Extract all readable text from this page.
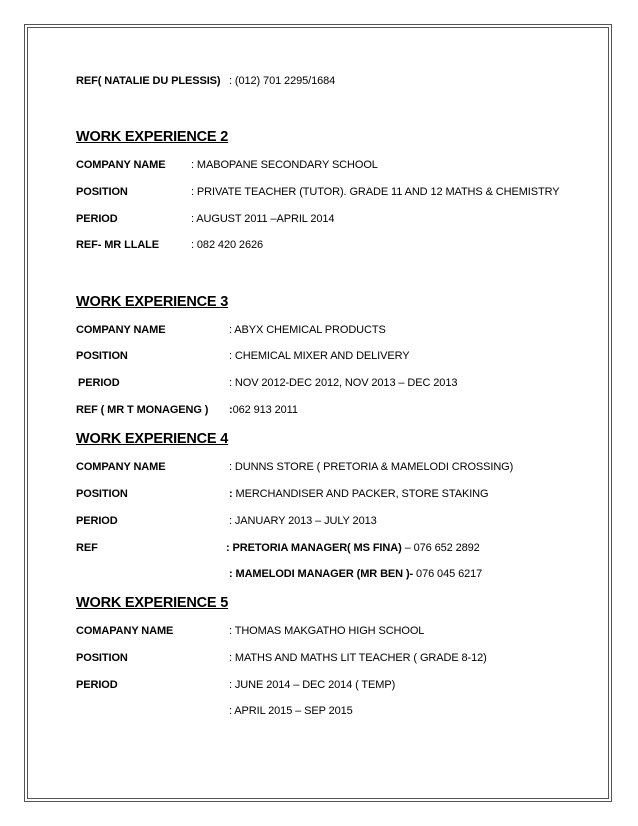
REF( NATALIE DU PLESSIS) : (012) 701 2295/1684
WORK EXPERIENCE 2
COMPANY NAME : MABOPANE SECONDARY SCHOOL
POSITION	: PRIVATE TEACHER (TUTOR). GRADE 11 AND 12 MATHS & CHEMISTRY
PERIOD	: AUGUST 2011 –APRIL 2014
REF- MR LLALE	: 082 420 2626
WORK EXPERIENCE 3
COMPANY NAME	: ABYX CHEMICAL PRODUCTS
POSITION	: CHEMICAL MIXER AND DELIVERY
PERIOD	: NOV 2012-DEC 2012, NOV 2013 – DEC 2013
REF ( MR T MONAGENG ) :062 913 2011
WORK EXPERIENCE 4
COMPANY NAME	: DUNNS STORE ( PRETORIA & MAMELODI CROSSING)
POSITION	: MERCHANDISER AND PACKER, STORE STAKING
PERIOD	: JANUARY 2013 – JULY 2013
REF	: PRETORIA MANAGER( MS FINA) – 076 652 2892
: MAMELODI MANAGER (MR BEN )- 076 045 6217
WORK EXPERIENCE 5
COMAPANY NAME	: THOMAS MAKGATHO HIGH SCHOOL
POSITION	: MATHS AND MATHS LIT TEACHER ( GRADE 8-12)
PERIOD	: JUNE 2014 – DEC 2014 ( TEMP)
: APRIL 2015 – SEP 2015
